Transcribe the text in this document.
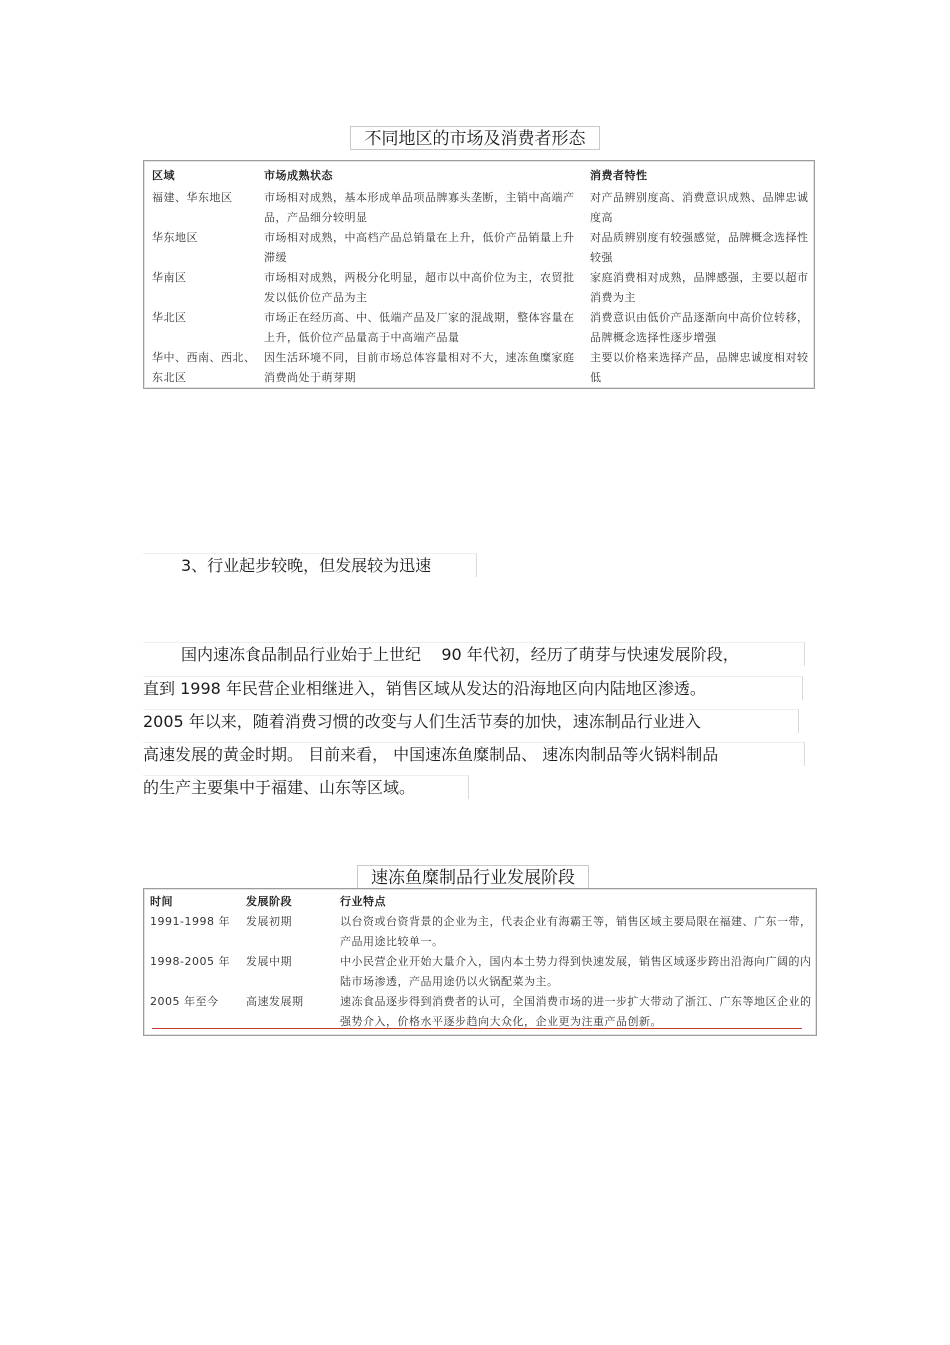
不同地区的市场及消费者形态
区域	市场成熟状态	消费者特性
福建、华东地区	市场相对成熟，基本形成单品项品牌寡头垄断，主销中高端产品，产品细分较明显	对产品辨别度高、消费意识成熟、品牌忠诚度高
华东地区	市场相对成熟，中高档产品总销量在上升，低价产品销量上升滞缓	对品质辨别度有较强感觉，品牌概念选择性较强
华南区	市场相对成熟，两极分化明显，超市以中高价位为主，农贸批发以低价位产品为主	家庭消费相对成熟，品牌感强，主要以超市消费为主
华北区	市场正在经历高、中、低端产品及厂家的混战期，整体容量在上升，低价位产品量高于中高端产品量	消费意识由低价产品逐渐向中高价位转移，品牌概念选择性逐步增强
华中、西南、西北、东北区	因生活环境不同，目前市场总体容量相对不大，速冻鱼糜家庭消费尚处于萌芽期	主要以价格来选择产品，品牌忠诚度相对较低
3、行业起步较晚，但发展较为迅速
国内速冻食品制品行业始于上世纪    90 年代初，经历了萌芽与快速发展阶段，
直到 1998 年民营企业相继进入，销售区域从发达的沿海地区向内陆地区渗透。
2005 年以来，随着消费习惯的改变与人们生活节奏的加快，速冻制品行业进入
高速发展的黄金时期。 目前来看， 中国速冻鱼糜制品、 速冻肉制品等火锅料制品
的生产主要集中于福建、山东等区域。
速冻鱼糜制品行业发展阶段
时间	发展阶段	行业特点
1991-1998 年	发展初期	以台资或台资背景的企业为主，代表企业有海霸王等，销售区域主要局限在福建、广东一带，产品用途比较单一。
1998-2005 年	发展中期	中小民营企业开始大量介入，国内本土势力得到快速发展，销售区域逐步跨出沿海向广阔的内陆市场渗透，产品用途仍以火锅配菜为主。
2005 年至今	高速发展期	速冻食品逐步得到消费者的认可，全国消费市场的进一步扩大带动了浙江、广东等地区企业的强势介入，价格水平逐步趋向大众化，企业更为注重产品创新。
